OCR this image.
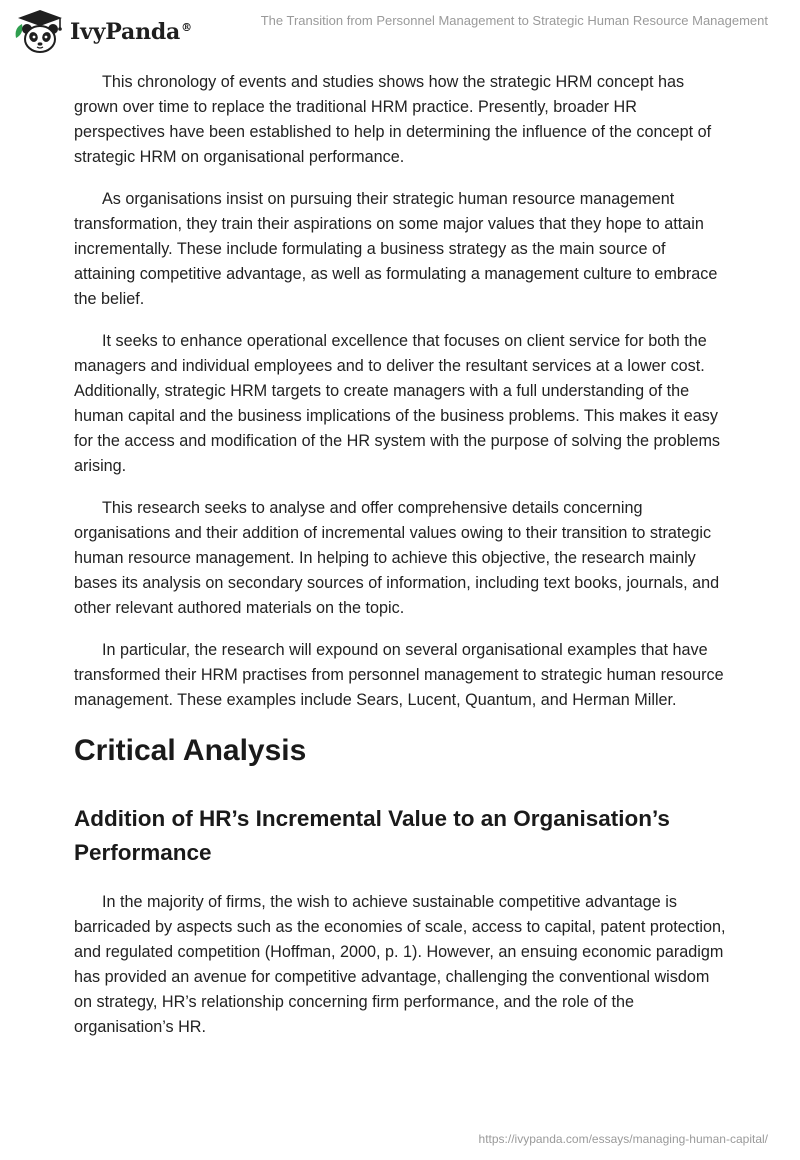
IvyPanda®	The Transition from Personnel Management to Strategic Human Resource Management

This chronology of events and studies shows how the strategic HRM concept has grown over time to replace the traditional HRM practice. Presently, broader HR perspectives have been established to help in determining the influence of the concept of strategic HRM on organisational performance.

As organisations insist on pursuing their strategic human resource management transformation, they train their aspirations on some major values that they hope to attain incrementally. These include formulating a business strategy as the main source of attaining competitive advantage, as well as formulating a management culture to embrace the belief.

It seeks to enhance operational excellence that focuses on client service for both the managers and individual employees and to deliver the resultant services at a lower cost. Additionally, strategic HRM targets to create managers with a full understanding of the human capital and the business implications of the business problems. This makes it easy for the access and modification of the HR system with the purpose of solving the problems arising.

This research seeks to analyse and offer comprehensive details concerning organisations and their addition of incremental values owing to their transition to strategic human resource management. In helping to achieve this objective, the research mainly bases its analysis on secondary sources of information, including text books, journals, and other relevant authored materials on the topic.

In particular, the research will expound on several organisational examples that have transformed their HRM practises from personnel management to strategic human resource management. These examples include Sears, Lucent, Quantum, and Herman Miller.

Critical Analysis
Addition of HR’s Incremental Value to an Organisation’s Performance

In the majority of firms, the wish to achieve sustainable competitive advantage is barricaded by aspects such as the economies of scale, access to capital, patent protection, and regulated competition (Hoffman, 2000, p. 1). However, an ensuing economic paradigm has provided an avenue for competitive advantage, challenging the conventional wisdom on strategy, HR’s relationship concerning firm performance, and the role of the organisation’s HR.

https://ivypanda.com/essays/managing-human-capital/
